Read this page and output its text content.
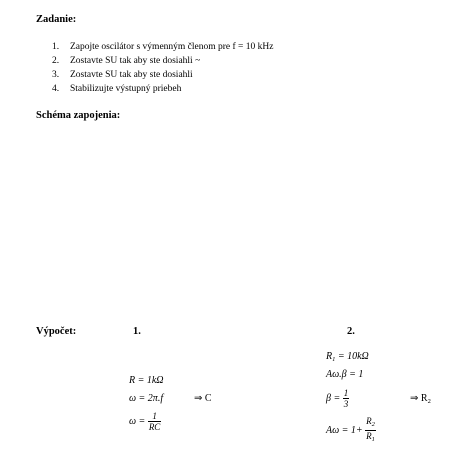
Zadanie:
1. Zapojte oscilátor s výmenným členom pre f = 10 kHz
2. Zostavte SU tak aby ste dosiahli ~
3. Zostavte SU tak aby ste dosiahli
4. Stabilizujte výstupný priebeh
Schéma zapojenia:
Výpočet:	1.
R = 1kΩ
ω = 2π.f	⇒ C
$\omega = \frac{1}{RC}$
2.
$R_1 = 10k\Omega$
Aω.β = 1
$\beta = \frac{1}{3}$	⇒ $R_2$
$A\omega = 1+ \frac{R_2}{R_1}$
